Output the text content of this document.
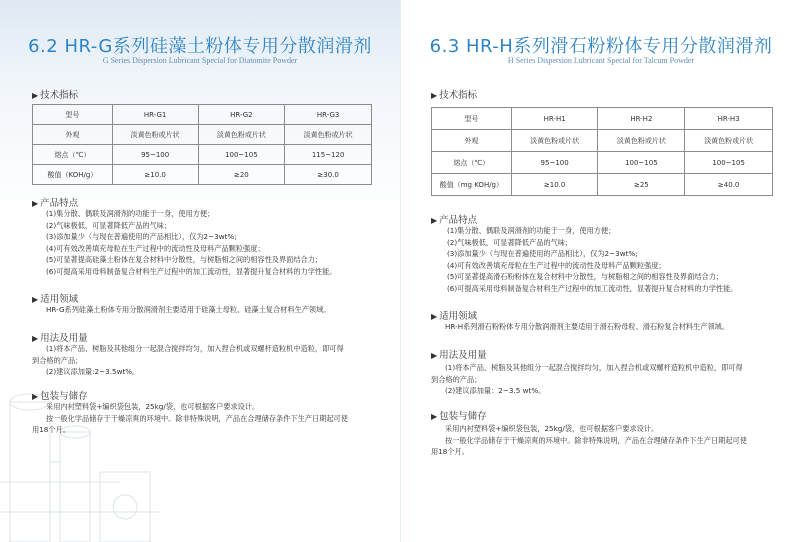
6.2 HR-G系列硅藻土粉体专用分散润滑剂
G Series Dispersion Lubricant Special for Diatomite Powder
▶ 技术指标
型号	HR-G1	HR-G2	HR-G3
外观	淡黄色粉或片状	淡黄色粉或片状	淡黄色粉或片状
熔点（℃）	95~100	100~105	115~120
酸值（KOH/g）	≥10.0	≥20	≥30.0
▶ 产品特点
(1)集分散、偶联及润滑剂的功能于一身，使用方便；
(2)气味极低，可显著降低产品的气味；
(3)添加量少（与现在普遍使用的产品相比），仅为2~3wt%;
(4)可有效改善填充母粒在生产过程中的流动性及母料产品颗粒强度；
(5)可显著提高硅藻土粉体在复合材料中分散性，与树脂相之间的相容性及界面结合力；
(6)可提高采用母料制备复合材料生产过程中的加工流动性，显著提升复合材料的力学性能。
▶ 适用领域
HR-G系列硅藻土粉体专用分散润滑剂主要适用于硅藻土母粒、硅藻土复合材料生产领域。
▶ 用法及用量
(1)将本产品、树脂及其他组分一起混合搅拌均匀，加入捏合机或双螺杆造粒机中造粒，即可得
到合格的产品；
(2)建议添加量:2~3.5wt%。
▶ 包装与储存
采用内衬塑料袋+编织袋包装，25kg/袋，也可根据客户要求设计。
按一般化学品储存于干燥凉爽的环境中。除非特殊说明，产品在合理储存条件下生产日期起可使
用18个月。
6.3 HR-H系列滑石粉粉体专用分散润滑剂
H Series Dispersion Lubricant Special for Talcum Powder
▶ 技术指标
型号	HR-H1	HR-H2	HR-H3
外观	淡黄色粉或片状	淡黄色粉或片状	淡黄色粉或片状
熔点（℃）	95~100	100~105	100~105
酸值（mg KOH/g）	≥10.0	≥25	≥40.0
▶ 产品特点
(1)集分散、偶联及润滑剂的功能于一身，使用方便；
(2)气味极低，可显著降低产品的气味；
(3)添加量少（与现在普遍使用的产品相比），仅为2~3wt%;
(4)可有效改善填充母粒在生产过程中的流动性及母料产品颗粒强度；
(5)可显著提高滑石粉粉体在复合材料中分散性，与树脂相之间的相容性及界面结合力；
(6)可提高采用母料制备复合材料生产过程中的加工流动性，显著提升复合材料的力学性能。
▶ 适用领域
HR-H系列滑石粉粉体专用分散润滑剂主要适用于滑石粉母粒、滑石粉复合材料生产领域。
▶ 用法及用量
(1)将本产品、树脂及其他组分一起混合搅拌均匀，加入捏合机或双螺杆造粒机中造粒，即可得
到合格的产品；
(2)建议添加量：2~3.5 wt%。
▶ 包装与储存
采用内衬塑料袋+编织袋包装，25kg/袋，也可根据客户要求设计。
按一般化学品储存于干燥凉爽的环境中。除非特殊说明，产品在合理储存条件下生产日期起可使
用18个月。
